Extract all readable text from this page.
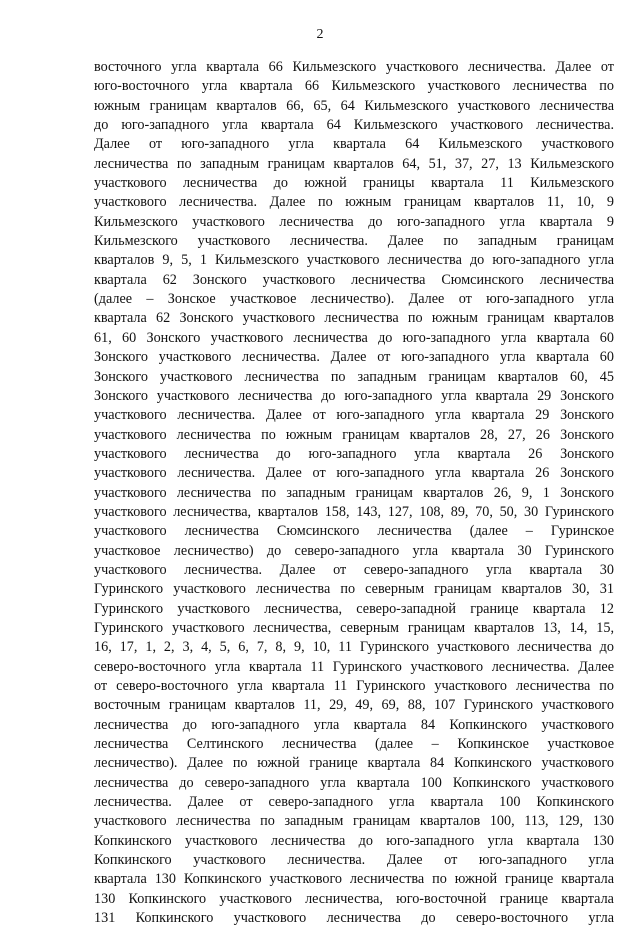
2
восточного угла квартала 66 Кильмезского участкового лесничества. Далее от
юго-восточного угла квартала 66 Кильмезского участкового лесничества по
южным границам кварталов 66, 65, 64 Кильмезского участкового лесничества
до юго-западного угла квартала 64 Кильмезского участкового лесничества.
Далее от юго-западного угла квартала 64 Кильмезского участкового
лесничества по западным границам кварталов 64, 51, 37, 27, 13 Кильмезского
участкового лесничества до южной границы квартала 11 Кильмезского
участкового лесничества. Далее по южным границам кварталов 11, 10, 9
Кильмезского участкового лесничества до юго-западного угла квартала 9
Кильмезского участкового лесничества. Далее по западным границам
кварталов 9, 5, 1 Кильмезского участкового лесничества до юго-западного угла
квартала 62 Зонского участкового лесничества Сюмсинского лесничества
(далее – Зонское участковое лесничество). Далее от юго-западного угла
квартала 62 Зонского участкового лесничества по южным границам кварталов
61, 60 Зонского участкового лесничества до юго-западного угла квартала 60
Зонского участкового лесничества. Далее от юго-западного угла квартала 60
Зонского участкового лесничества по западным границам кварталов 60, 45
Зонского участкового лесничества до юго-западного угла квартала 29 Зонского
участкового лесничества. Далее от юго-западного угла квартала 29 Зонского
участкового лесничества по южным границам кварталов 28, 27, 26 Зонского
участкового лесничества до юго-западного угла квартала 26 Зонского
участкового лесничества. Далее от юго-западного угла квартала 26 Зонского
участкового лесничества по западным границам кварталов 26, 9, 1 Зонского
участкового лесничества, кварталов 158, 143, 127, 108, 89, 70, 50, 30 Гуринского
участкового лесничества Сюмсинского лесничества (далее – Гуринское
участковое лесничество) до северо-западного угла квартала 30 Гуринского
участкового лесничества. Далее от северо-западного угла квартала 30
Гуринского участкового лесничества по северным границам кварталов 30, 31
Гуринского участкового лесничества, северо-западной границе квартала 12
Гуринского участкового лесничества, северным границам кварталов 13, 14, 15,
16, 17, 1, 2, 3, 4, 5, 6, 7, 8, 9, 10, 11 Гуринского участкового лесничества до
северо-восточного угла квартала 11 Гуринского участкового лесничества. Далее
от северо-восточного угла квартала 11 Гуринского участкового лесничества по
восточным границам кварталов 11, 29, 49, 69, 88, 107 Гуринского участкового
лесничества до юго-западного угла квартала 84 Копкинского участкового
лесничества Селтинского лесничества (далее – Копкинское участковое
лесничество). Далее по южной границе квартала 84 Копкинского участкового
лесничества до северо-западного угла квартала 100 Копкинского участкового
лесничества. Далее от северо-западного угла квартала 100 Копкинского
участкового лесничества по западным границам кварталов 100, 113, 129, 130
Копкинского участкового лесничества до юго-западного угла квартала 130
Копкинского участкового лесничества. Далее от юго-западного угла
квартала 130 Копкинского участкового лесничества по южной границе квартала
130 Копкинского участкового лесничества, юго-восточной границе квартала
131 Копкинского участкового лесничества до северо-восточного угла
